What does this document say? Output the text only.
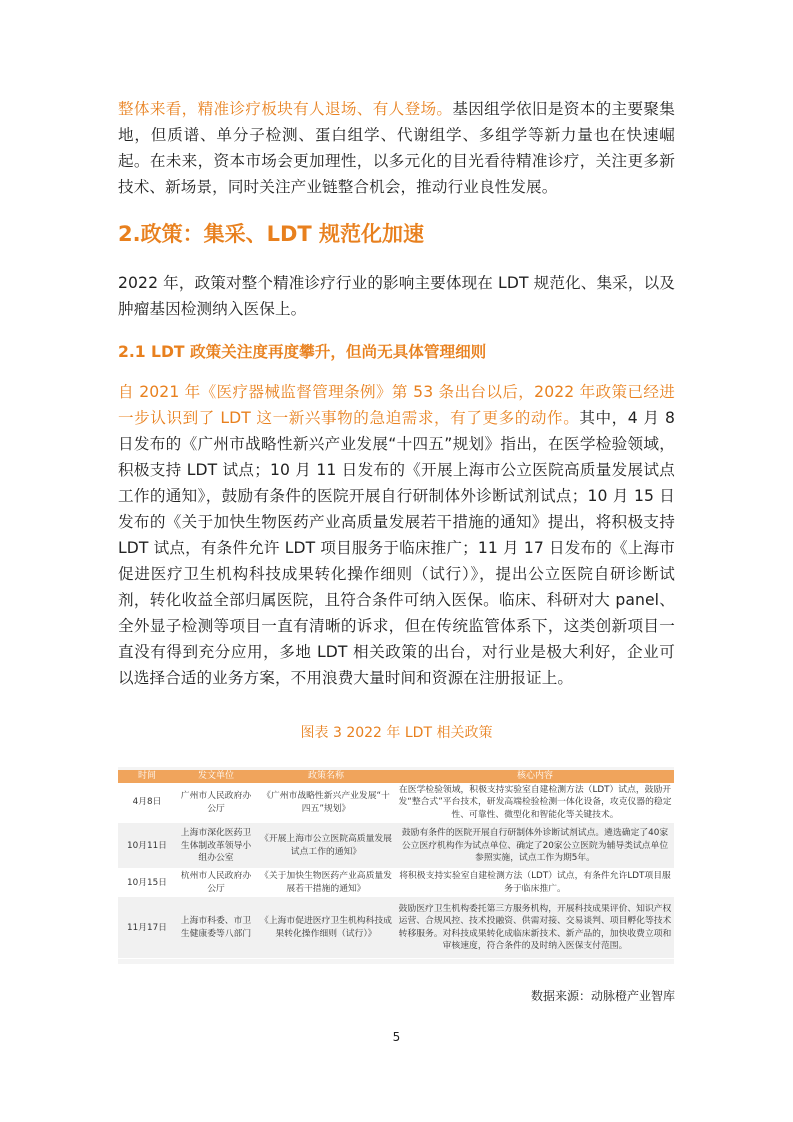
整体来看，精准诊疗板块有人退场、有人登场。基因组学依旧是资本的主要聚集地，但质谱、单分子检测、蛋白组学、代谢组学、多组学等新力量也在快速崛起。在未来，资本市场会更加理性，以多元化的目光看待精准诊疗，关注更多新技术、新场景，同时关注产业链整合机会，推动行业良性发展。

2.政策：集采、LDT 规范化加速

2022 年，政策对整个精准诊疗行业的影响主要体现在 LDT 规范化、集采，以及肿瘤基因检测纳入医保上。

2.1 LDT 政策关注度再度攀升，但尚无具体管理细则

自 2021 年《医疗器械监督管理条例》第 53 条出台以后，2022 年政策已经进一步认识到了 LDT 这一新兴事物的急迫需求，有了更多的动作。其中，4 月 8 日发布的《广州市战略性新兴产业发展“十四五”规划》指出，在医学检验领域，积极支持 LDT 试点；10 月 11 日发布的《开展上海市公立医院高质量发展试点工作的通知》，鼓励有条件的医院开展自行研制体外诊断试剂试点；10 月 15 日发布的《关于加快生物医药产业高质量发展若干措施的通知》提出，将积极支持 LDT 试点，有条件允许 LDT 项目服务于临床推广；11 月 17 日发布的《上海市促进医疗卫生机构科技成果转化操作细则（试行）》，提出公立医院自研诊断试剂，转化收益全部归属医院，且符合条件可纳入医保。临床、科研对大 panel、全外显子检测等项目一直有清晰的诉求，但在传统监管体系下，这类创新项目一直没有得到充分应用，多地 LDT 相关政策的出台，对行业是极大利好，企业可以选择合适的业务方案，不用浪费大量时间和资源在注册报证上。

图表 3 2022 年 LDT 相关政策
时间	发文单位	政策名称	核心内容
4月8日	广州市人民政府办公厅	《广州市战略性新兴产业发展“十四五”规划》	在医学检验领域，积极支持实验室自建检测方法（LDT）试点，鼓励开发“整合式”平台技术，研发高端检验检测一体化设备，攻克仪器的稳定性、可靠性、微型化和智能化等关键技术。
10月11日	上海市深化医药卫生体制改革领导小组办公室	《开展上海市公立医院高质量发展试点工作的通知》	鼓励有条件的医院开展自行研制体外诊断试剂试点。遴选确定了40家公立医疗机构作为试点单位、确定了20家公立医院为辅导类试点单位参照实施，试点工作为期5年。
10月15日	杭州市人民政府办公厅	《关于加快生物医药产业高质量发展若干措施的通知》	将积极支持实验室自建检测方法（LDT）试点，有条件允许LDT项目服务于临床推广。
11月17日	上海市科委、市卫生健康委等八部门	《上海市促进医疗卫生机构科技成果转化操作细则（试行）》	鼓励医疗卫生机构委托第三方服务机构，开展科技成果评价、知识产权运营、合规风控、技术投融资、供需对接、交易谈判、项目孵化等技术转移服务。对科技成果转化成临床新技术、新产品的，加快收费立项和审核速度，符合条件的及时纳入医保支付范围。
数据来源：动脉橙产业智库
5
